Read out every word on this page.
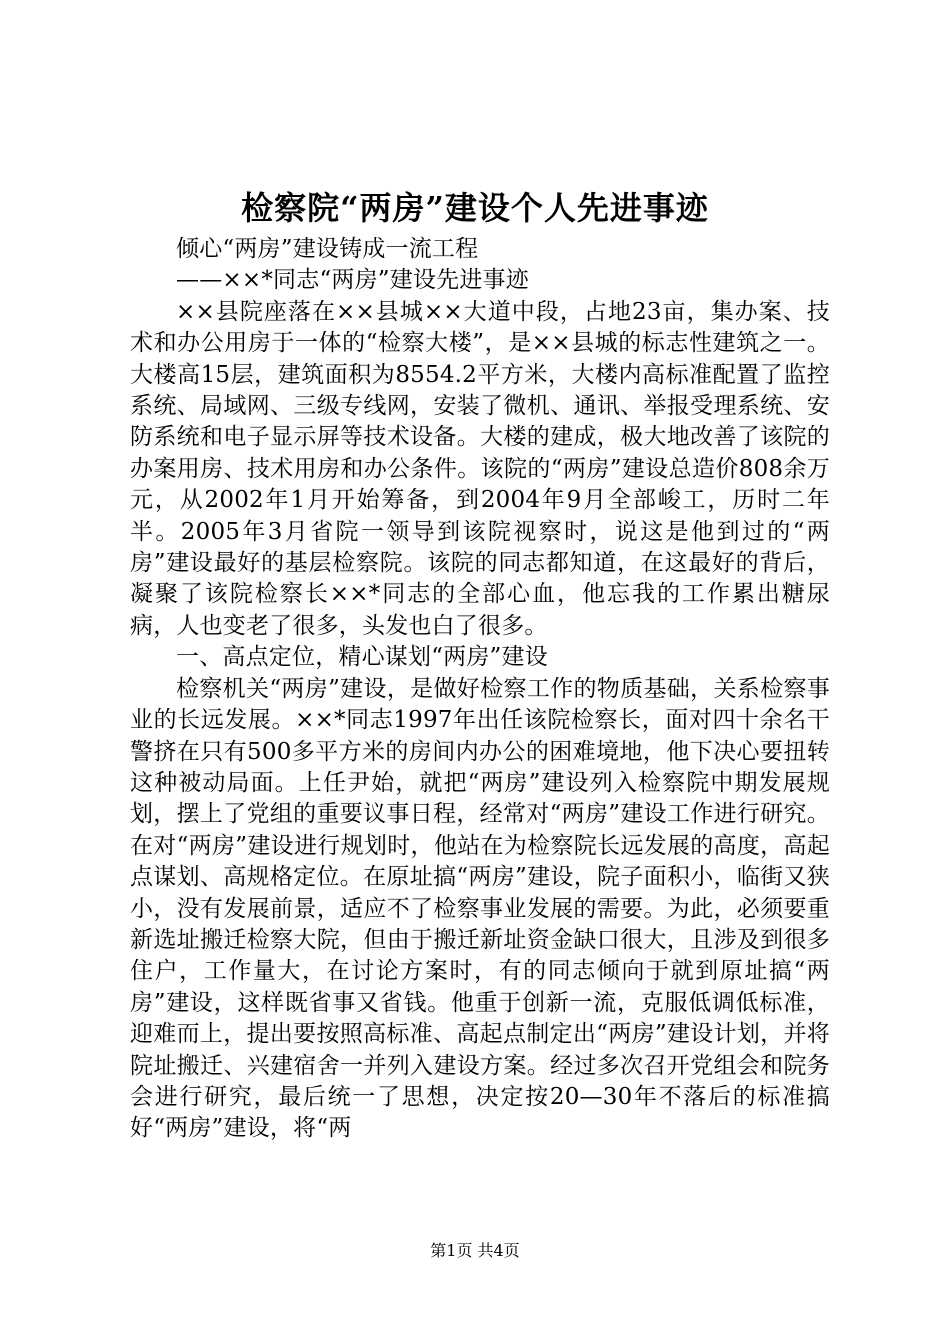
检察院“两房”建设个人先进事迹

倾心“两房”建设铸成一流工程

——××*同志“两房”建设先进事迹

××县院座落在××县城××大道中段，占地23亩，集办案、技术和办公用房于一体的“检察大楼”，是××县城的标志性建筑之一。大楼高15层，建筑面积为8554.2平方米，大楼内高标准配置了监控系统、局域网、三级专线网，安装了微机、通讯、举报受理系统、安防系统和电子显示屏等技术设备。大楼的建成，极大地改善了该院的办案用房、技术用房和办公条件。该院的“两房”建设总造价808余万元，从2002年1月开始筹备，到2004年9月全部峻工，历时二年半。2005年3月省院一领导到该院视察时，说这是他到过的“两房”建设最好的基层检察院。该院的同志都知道，在这最好的背后，凝聚了该院检察长××*同志的全部心血，他忘我的工作累出糖尿病，人也变老了很多，头发也白了很多。

一、高点定位，精心谋划“两房”建设

检察机关“两房”建设，是做好检察工作的物质基础，关系检察事业的长远发展。××*同志1997年出任该院检察长，面对四十余名干警挤在只有500多平方米的房间内办公的困难境地，他下决心要扭转这种被动局面。上任尹始，就把“两房”建设列入检察院中期发展规划，摆上了党组的重要议事日程，经常对“两房”建设工作进行研究。在对“两房”建设进行规划时，他站在为检察院长远发展的高度，高起点谋划、高规格定位。在原址搞“两房”建设，院子面积小，临街又狭小，没有发展前景，适应不了检察事业发展的需要。为此，必须要重新选址搬迁检察大院，但由于搬迁新址资金缺口很大，且涉及到很多住户，工作量大，在讨论方案时，有的同志倾向于就到原址搞“两房”建设，这样既省事又省钱。他重于创新一流，克服低调低标准，迎难而上，提出要按照高标准、高起点制定出“两房”建设计划，并将院址搬迁、兴建宿舍一并列入建设方案。经过多次召开党组会和院务会进行研究，最后统一了思想，决定按20—30年不落后的标准搞好“两房”建设，将“两

第1页 共4页
